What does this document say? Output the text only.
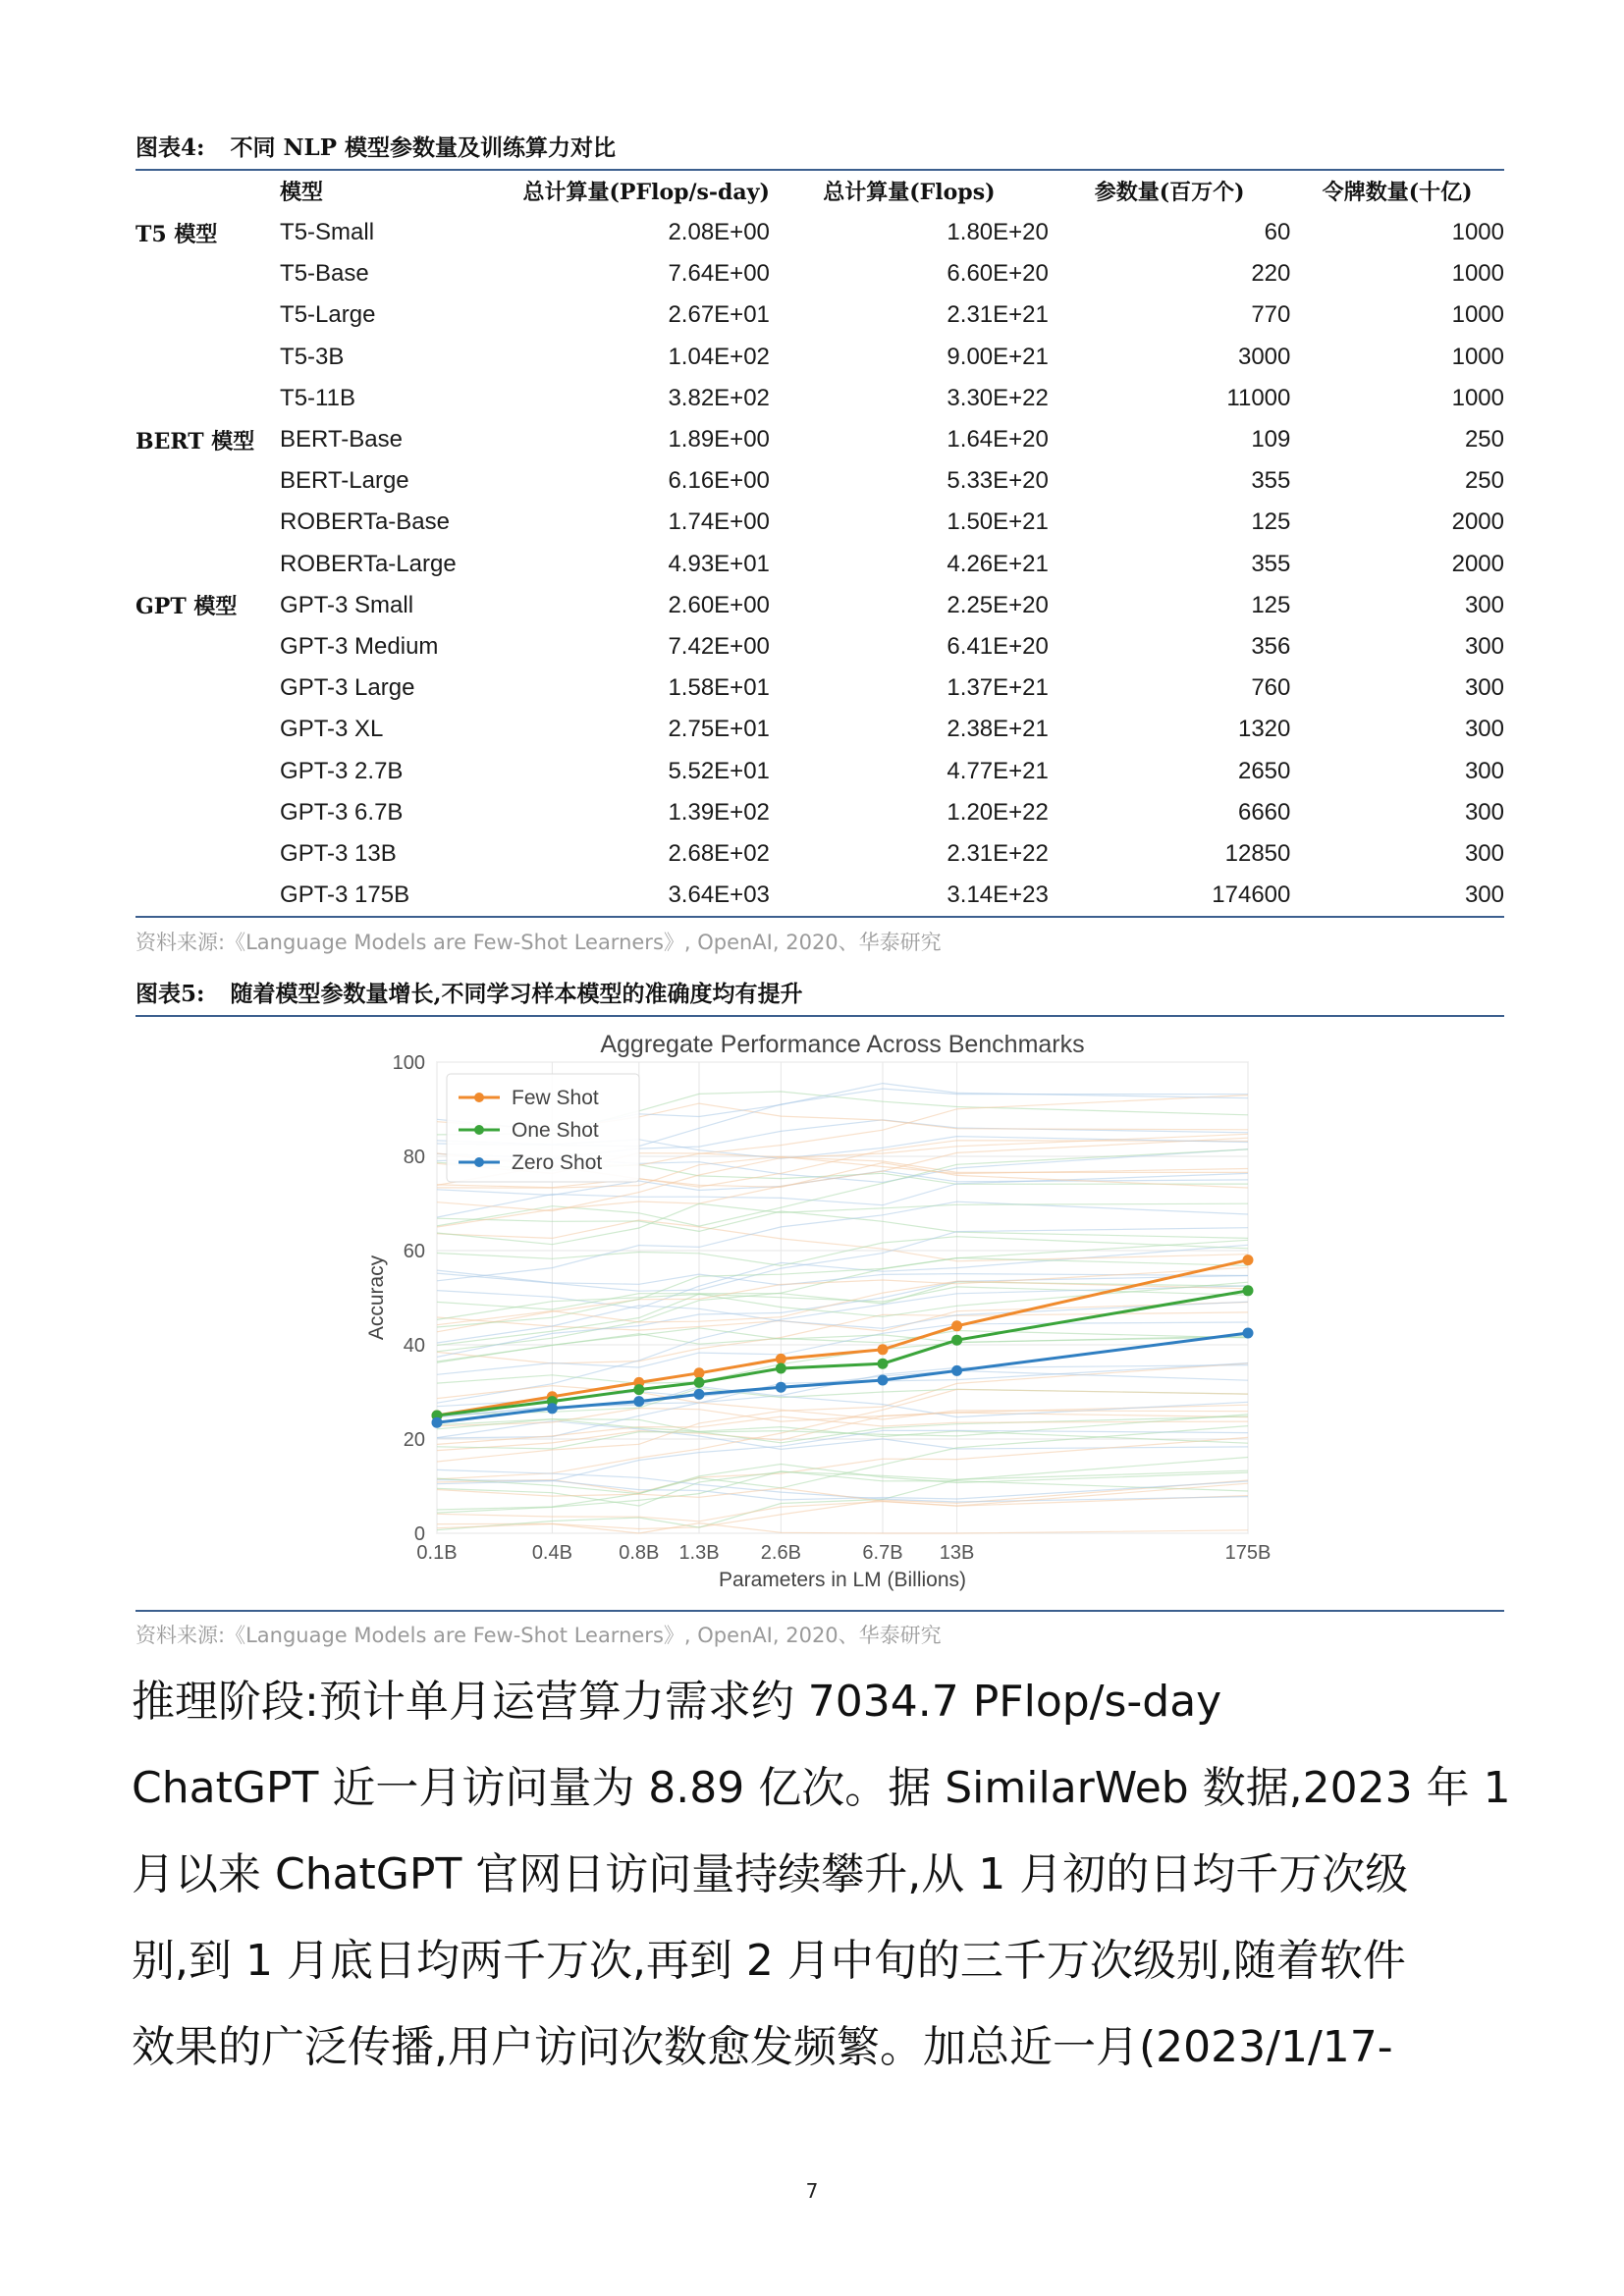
图表4: 不同 NLP 模型参数量及训练算力对比
	模型	总计算量(PFlop/s-day)	总计算量(Flops)	参数量(百万个)	令牌数量(十亿)
T5 模型	T5-Small	2.08E+00	1.80E+20	60	1000
	T5-Base	7.64E+00	6.60E+20	220	1000
	T5-Large	2.67E+01	2.31E+21	770	1000
	T5-3B	1.04E+02	9.00E+21	3000	1000
	T5-11B	3.82E+02	3.30E+22	11000	1000
BERT 模型	BERT-Base	1.89E+00	1.64E+20	109	250
	BERT-Large	6.16E+00	5.33E+20	355	250
	ROBERTa-Base	1.74E+00	1.50E+21	125	2000
	ROBERTa-Large	4.93E+01	4.26E+21	355	2000
GPT 模型	GPT-3 Small	2.60E+00	2.25E+20	125	300
	GPT-3 Medium	7.42E+00	6.41E+20	356	300
	GPT-3 Large	1.58E+01	1.37E+21	760	300
	GPT-3 XL	2.75E+01	2.38E+21	1320	300
	GPT-3 2.7B	5.52E+01	4.77E+21	2650	300
	GPT-3 6.7B	1.39E+02	1.20E+22	6660	300
	GPT-3 13B	2.68E+02	2.31E+22	12850	300
	GPT-3 175B	3.64E+03	3.14E+23	174600	300
资料来源:《Language Models are Few-Shot Learners》, OpenAI, 2020、华泰研究
图表5: 随着模型参数量增长,不同学习样本模型的准确度均有提升
0
20
40
60
80
100
0.1B	0.4B 0.8B 1.3B 2.6B	6.7B 13B	175B
Aggregate Performance Across Benchmarks
Parameters in LM (Billions)
Accuracy
Few Shot
One Shot
Zero Shot
资料来源:《Language Models are Few-Shot Learners》, OpenAI, 2020、华泰研究

推理阶段:预计单月运营算力需求约 7034.7 PFlop/s-day

ChatGPT 近一月访问量为 8.89 亿次。据 SimilarWeb 数据,2023 年 1

月以来 ChatGPT 官网日访问量持续攀升,从 1 月初的日均千万次级

别,到 1 月底日均两千万次,再到 2 月中旬的三千万次级别,随着软件

效果的广泛传播,用户访问次数愈发频繁。加总近一月(2023/1/17-

7
